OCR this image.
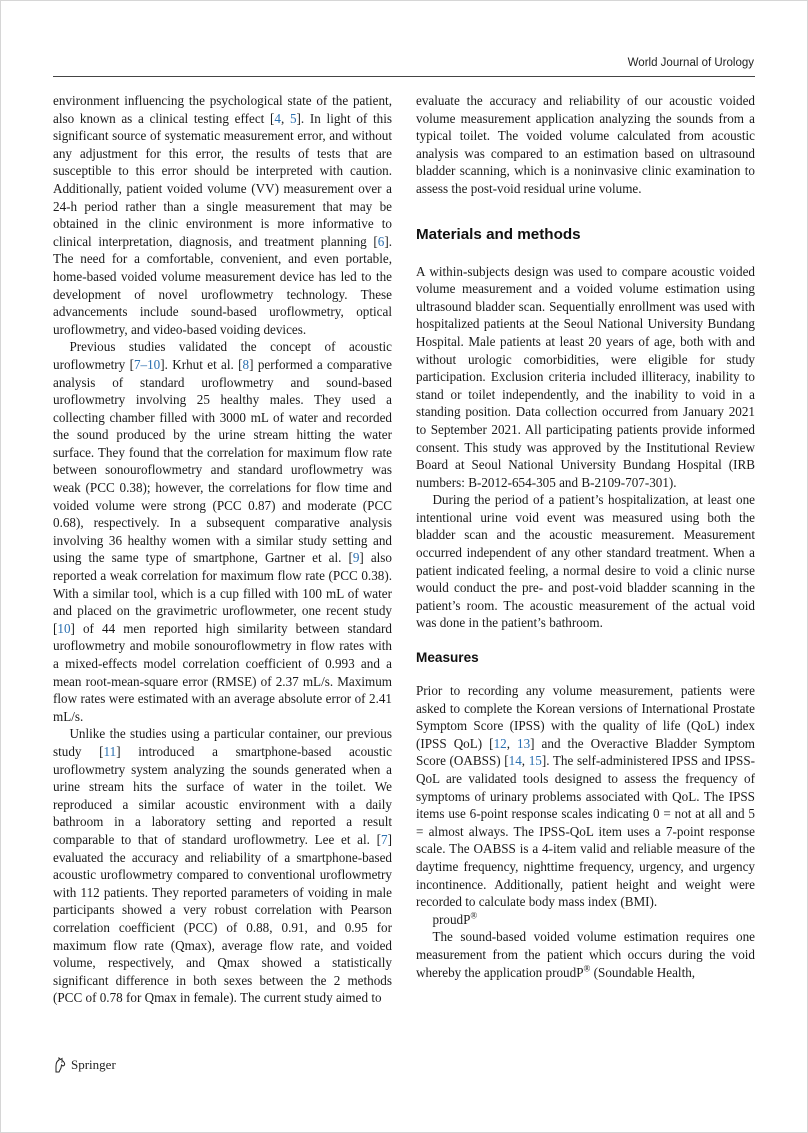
World Journal of Urology

environment influencing the psychological state of the patient, also known as a clinical testing effect [4, 5]. In light of this significant source of systematic measurement error, and without any adjustment for this error, the results of tests that are susceptible to this error should be interpreted with caution. Additionally, patient voided volume (VV) measurement over a 24-h period rather than a single measurement that may be obtained in the clinic environment is more informative to clinical interpretation, diagnosis, and treatment planning [6]. The need for a comfortable, convenient, and even portable, home-based voided volume measurement device has led to the development of novel uroflowmetry technology. These advancements include sound-based uroflowmetry, optical uroflowmetry, and video-based voiding devices.

Previous studies validated the concept of acoustic uroflowmetry [7–10]. Krhut et al. [8] performed a comparative analysis of standard uroflowmetry and sound-based uroflowmetry involving 25 healthy males. They used a collecting chamber filled with 3000 mL of water and recorded the sound produced by the urine stream hitting the water surface. They found that the correlation for maximum flow rate between sonouroflowmetry and standard uroflowmetry was weak (PCC 0.38); however, the correlations for flow time and voided volume were strong (PCC 0.87) and moderate (PCC 0.68), respectively. In a subsequent comparative analysis involving 36 healthy women with a similar study setting and using the same type of smartphone, Gartner et al. [9] also reported a weak correlation for maximum flow rate (PCC 0.38). With a similar tool, which is a cup filled with 100 mL of water and placed on the gravimetric uroflowmeter, one recent study [10] of 44 men reported high similarity between standard uroflowmetry and mobile sonouroflowmetry in flow rates with a mixed-effects model correlation coefficient of 0.993 and a mean root-mean-square error (RMSE) of 2.37 mL/s. Maximum flow rates were estimated with an average absolute error of 2.41 mL/s.

Unlike the studies using a particular container, our previous study [11] introduced a smartphone-based acoustic uroflowmetry system analyzing the sounds generated when a urine stream hits the surface of water in the toilet. We reproduced a similar acoustic environment with a daily bathroom in a laboratory setting and reported a result comparable to that of standard uroflowmetry. Lee et al. [7] evaluated the accuracy and reliability of a smartphone-based acoustic uroflowmetry compared to conventional uroflowmetry with 112 patients. They reported parameters of voiding in male participants showed a very robust correlation with Pearson correlation coefficient (PCC) of 0.88, 0.91, and 0.95 for maximum flow rate (Qmax), average flow rate, and voided volume, respectively, and Qmax showed a statistically significant difference in both sexes between the 2 methods (PCC of 0.78 for Qmax in female). The current study aimed to

evaluate the accuracy and reliability of our acoustic voided volume measurement application analyzing the sounds from a typical toilet. The voided volume calculated from acoustic analysis was compared to an estimation based on ultrasound bladder scanning, which is a noninvasive clinic examination to assess the post-void residual urine volume.

Materials and methods

A within-subjects design was used to compare acoustic voided volume measurement and a voided volume estimation using ultrasound bladder scan. Sequentially enrollment was used with hospitalized patients at the Seoul National University Bundang Hospital. Male patients at least 20 years of age, both with and without urologic comorbidities, were eligible for study participation. Exclusion criteria included illiteracy, inability to stand or toilet independently, and the inability to void in a standing position. Data collection occurred from January 2021 to September 2021. All participating patients provide informed consent. This study was approved by the Institutional Review Board at Seoul National University Bundang Hospital (IRB numbers: B-2012-654-305 and B-2109-707-301).

During the period of a patient’s hospitalization, at least one intentional urine void event was measured using both the bladder scan and the acoustic measurement. Measurement occurred independent of any other standard treatment. When a patient indicated feeling, a normal desire to void a clinic nurse would conduct the pre- and post-void bladder scanning in the patient’s room. The acoustic measurement of the actual void was done in the patient’s bathroom.

Measures

Prior to recording any volume measurement, patients were asked to complete the Korean versions of International Prostate Symptom Score (IPSS) with the quality of life (QoL) index (IPSS QoL) [12, 13] and the Overactive Bladder Symptom Score (OABSS) [14, 15]. The self-administered IPSS and IPSS-QoL are validated tools designed to assess the frequency of symptoms of urinary problems associated with QoL. The IPSS items use 6-point response scales indicating 0 = not at all and 5 = almost always. The IPSS-QoL item uses a 7-point response scale. The OABSS is a 4-item valid and reliable measure of the daytime frequency, nighttime frequency, urgency, and urgency incontinence. Additionally, patient height and weight were recorded to calculate body mass index (BMI).

proudP®

The sound-based voided volume estimation requires one measurement from the patient which occurs during the void whereby the application proudP® (Soundable Health,

Springer
